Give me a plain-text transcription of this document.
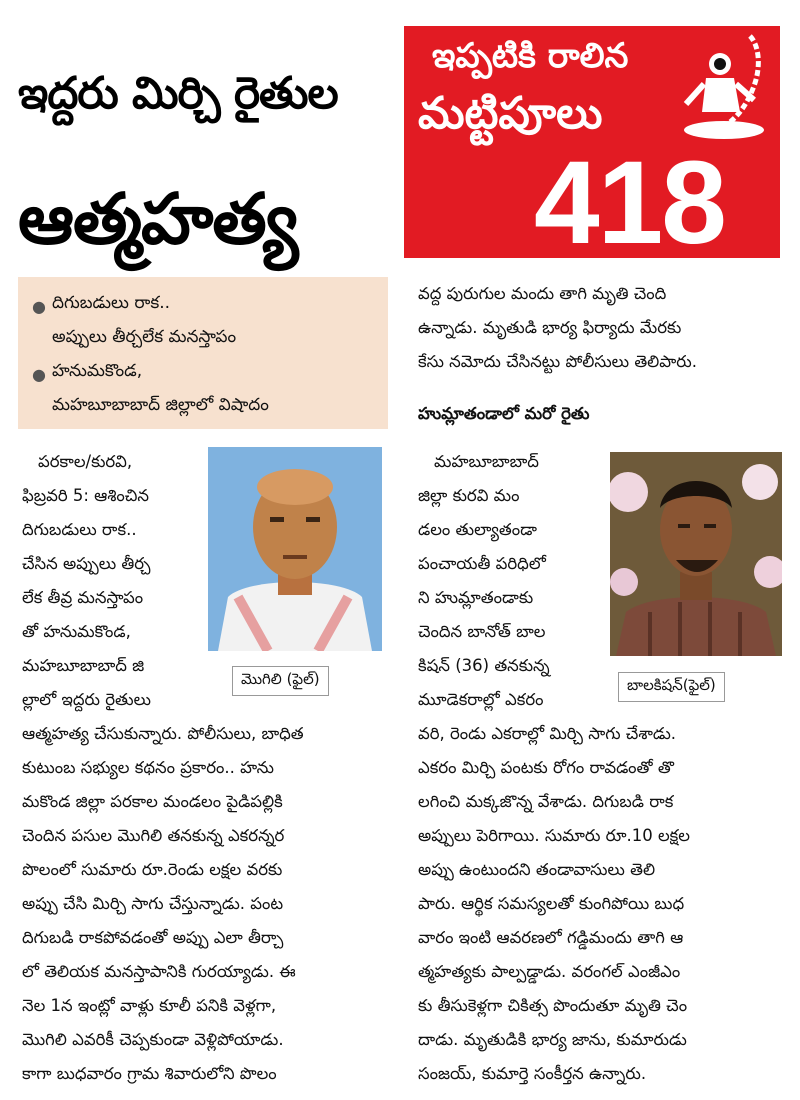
ఇద్దరు మిర్చి రైతుల
ఆత్మహత్య
ఇప్పటికి రాలిన
మట్టిపూలు
418
● దిగుబడులు రాక..
అప్పులు తీర్చలేక మనస్తాపం
● హనుమకొండ,
మహబూబాబాద్ జిల్లాలో విషాదం
మొగిలి (ఫైల్)	బాలకిషన్(ఫైల్)
పరకాల/కురవి,
ఫిబ్రవరి 5: ఆశించిన
దిగుబడులు రాక..
చేసిన అప్పులు తీర్చ
లేక తీవ్ర మనస్తాపం
తో హనుమకొండ,
మహబూబాబాద్ జి
ల్లాలో ఇద్దరు రైతులు
ఆత్మహత్య చేసుకున్నారు. పోలీసులు, బాధిత
కుటుంబ సభ్యుల కథనం ప్రకారం.. హను
మకొండ జిల్లా పరకాల మండలం పైడిపల్లికి
చెందిన పసుల మొగిలి తనకున్న ఎకరన్నర
పొలంలో సుమారు రూ.రెండు లక్షల వరకు
అప్పు చేసి మిర్చి సాగు చేస్తున్నాడు. పంట
దిగుబడి రాకపోవడంతో అప్పు ఎలా తీర్చా
లో తెలియక మనస్తాపానికి గురయ్యాడు. ఈ
నెల 1న ఇంట్లో వాళ్లు కూలీ పనికి వెళ్లగా,
మొగిలి ఎవరికీ చెప్పకుండా వెళ్లిపోయాడు.
కాగా బుధవారం గ్రామ శివారులోని పొలం
వద్ద పురుగుల మందు తాగి మృతి చెంది
ఉన్నాడు. మృతుడి భార్య ఫిర్యాదు మేరకు
కేసు నమోదు చేసినట్టు పోలీసులు తెలిపారు.
హుమ్లాతండాలో మరో రైతు
మహబూబాబాద్
జిల్లా కురవి మం
డలం తుల్యాతండా
పంచాయతీ పరిధిలో
ని హుమ్లాతండాకు
చెందిన బానోత్ బాల
కిషన్ (36) తనకున్న
మూడెకరాల్లో ఎకరం
వరి, రెండు ఎకరాల్లో మిర్చి సాగు చేశాడు.
ఎకరం మిర్చి పంటకు రోగం రావడంతో తొ
లగించి మక్కజొన్న వేశాడు. దిగుబడి రాక
అప్పులు పెరిగాయి. సుమారు రూ.10 లక్షల
అప్పు ఉంటుందని తండావాసులు తెలి
పారు. ఆర్థిక సమస్యలతో కుంగిపోయి బుధ
వారం ఇంటి ఆవరణలో గడ్డిమందు తాగి ఆ
త్మహత్యకు పాల్పడ్డాడు. వరంగల్ ఎంజీఎం
కు తీసుకెళ్లగా చికిత్స పొందుతూ మృతి చెం
దాడు. మృతుడికి భార్య జాను, కుమారుడు
సంజయ్, కుమార్తె సంకీర్తన ఉన్నారు.
